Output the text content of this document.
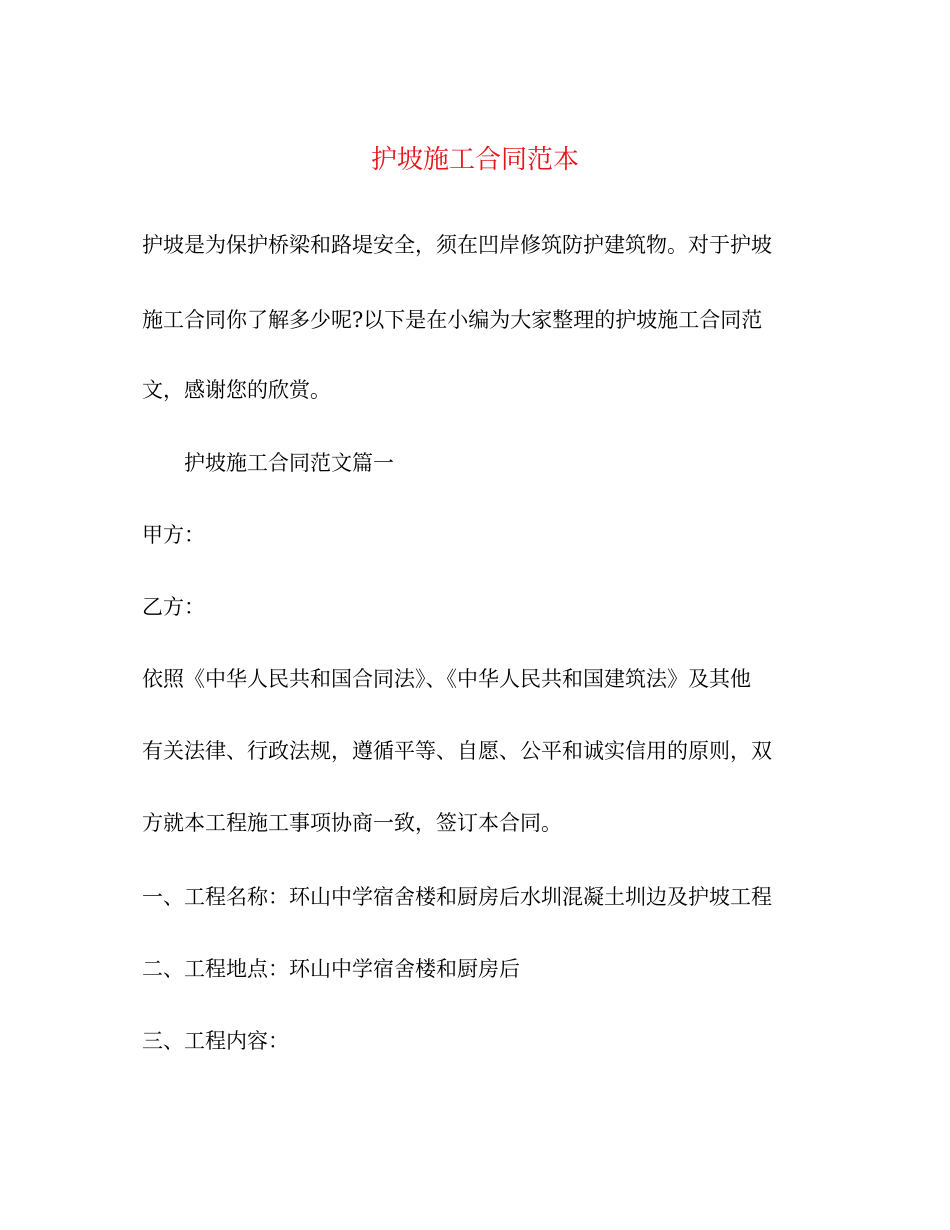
护坡施工合同范本
护坡是为保护桥梁和路堤安全，须在凹岸修筑防护建筑物。对于护坡
施工合同你了解多少呢?以下是在小编为大家整理的护坡施工合同范
文，感谢您的欣赏。
护坡施工合同范文篇一
甲方：
乙方：
依照《中华人民共和国合同法》、《中华人民共和国建筑法》及其他
有关法律、行政法规，遵循平等、自愿、公平和诚实信用的原则，双
方就本工程施工事项协商一致，签订本合同。
一、工程名称：环山中学宿舍楼和厨房后水圳混凝土圳边及护坡工程
二、工程地点：环山中学宿舍楼和厨房后
三、工程内容：
